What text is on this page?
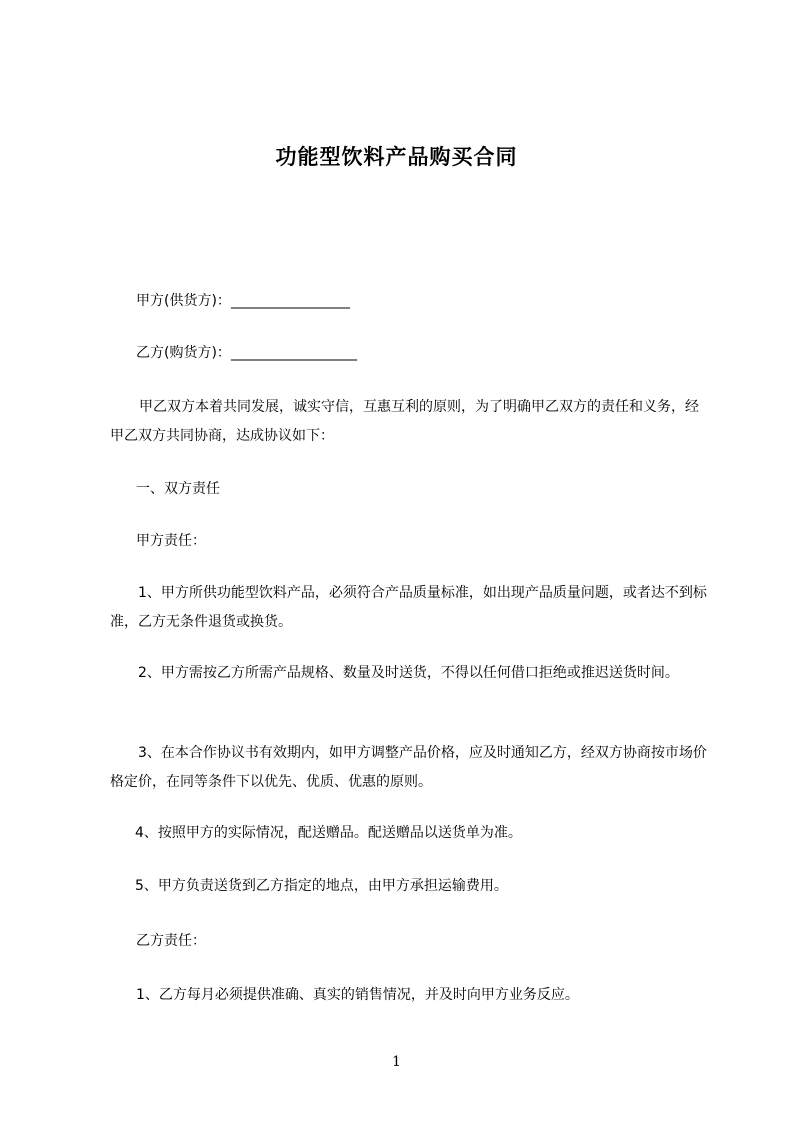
功能型饮料产品购买合同
甲方(供货方)：_________________
乙方(购货方)：__________________
甲乙双方本着共同发展，诚实守信，互惠互利的原则，为了明确甲乙双方的责任和义务，经甲乙双方共同协商，达成协议如下：
一、双方责任
甲方责任：
1、甲方所供功能型饮料产品，必须符合产品质量标准，如出现产品质量问题，或者达不到标准，乙方无条件退货或换货。
2、甲方需按乙方所需产品规格、数量及时送货，不得以任何借口拒绝或推迟送货时间。
3、在本合作协议书有效期内，如甲方调整产品价格，应及时通知乙方，经双方协商按市场价格定价，在同等条件下以优先、优质、优惠的原则。
4、按照甲方的实际情况，配送赠品。配送赠品以送货单为准。
5、甲方负责送货到乙方指定的地点，由甲方承担运输费用。
乙方责任：
1、乙方每月必须提供准确、真实的销售情况，并及时向甲方业务反应。
1
